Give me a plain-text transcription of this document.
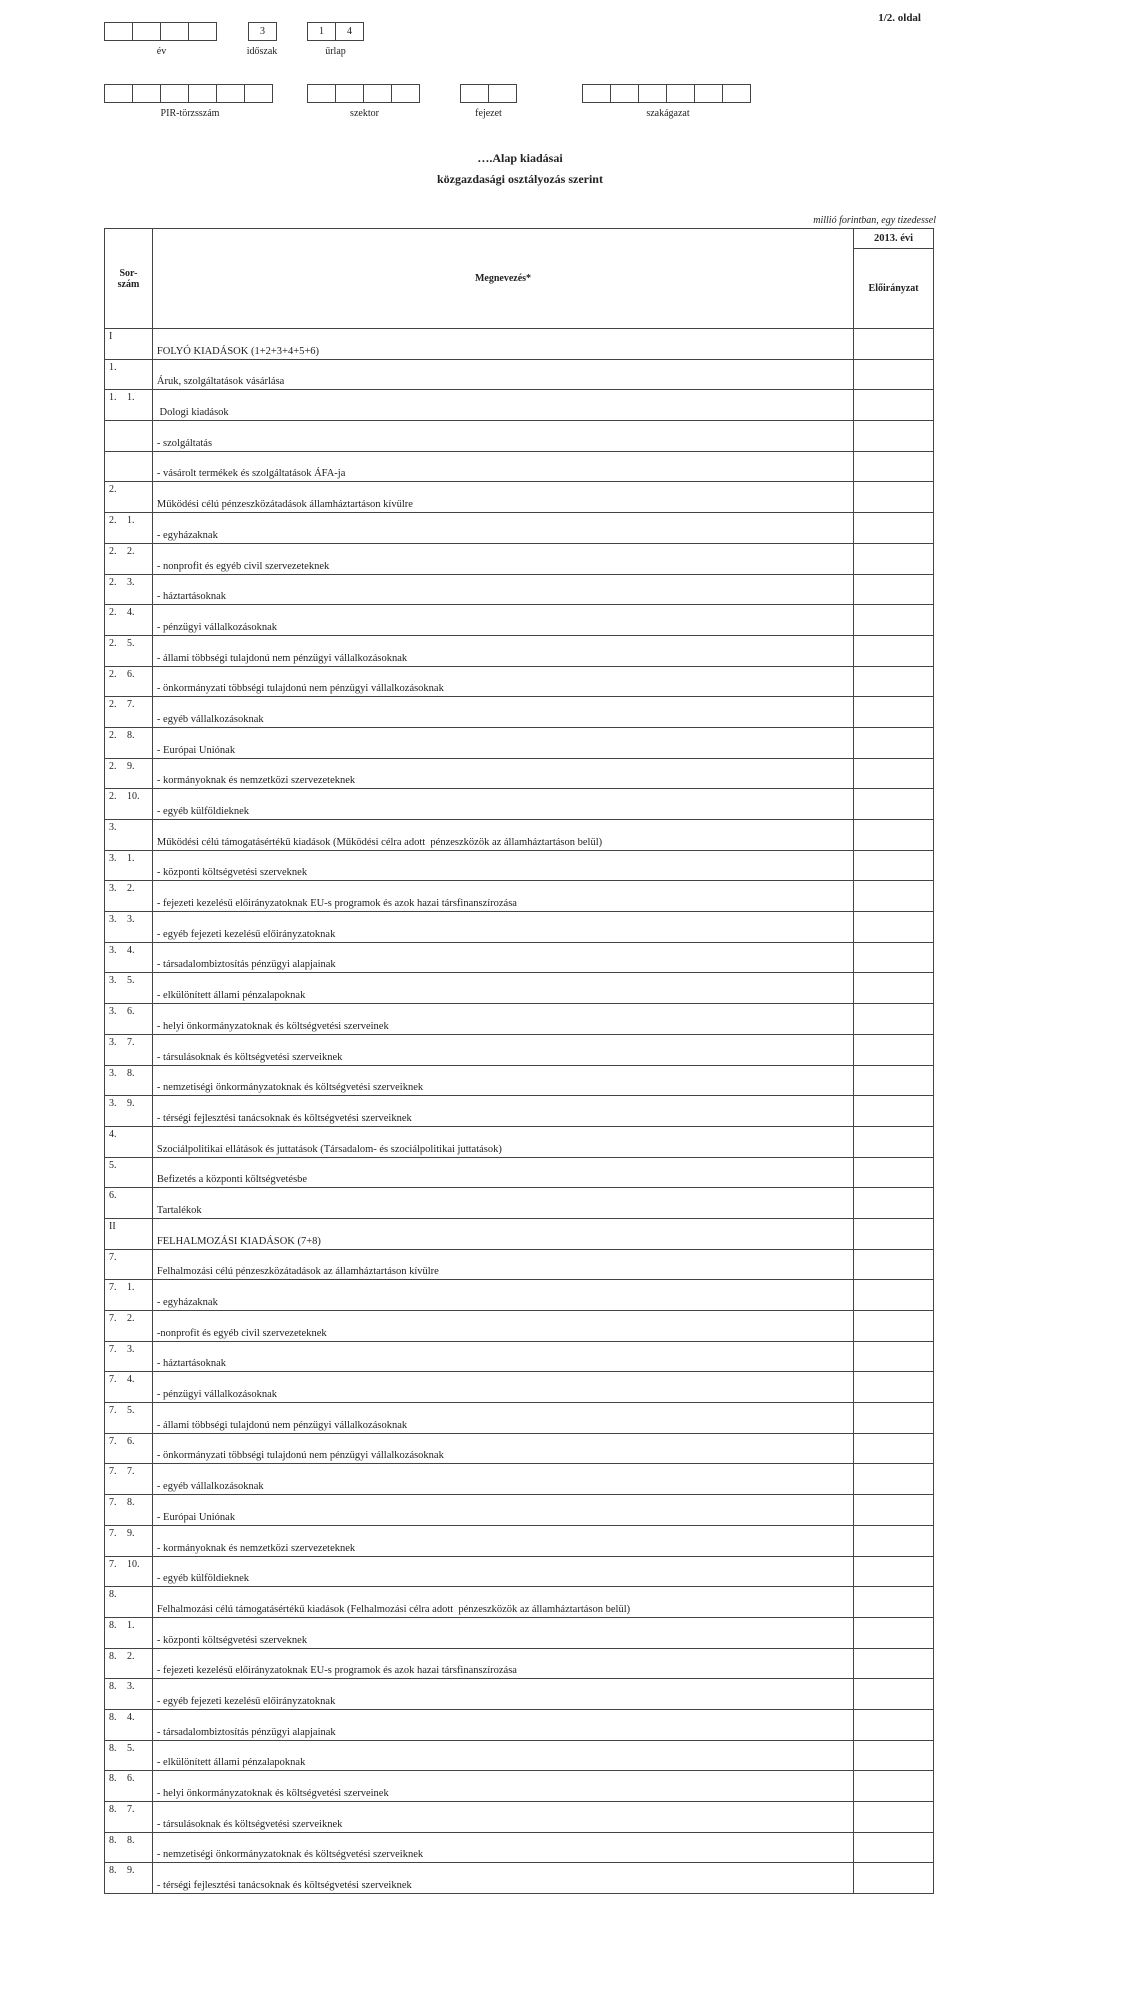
1/2. oldal
év
3
időszak
1	4
űrlap
PIR-törzsszám	szektor	fejezet	szakágazat
….Alap kiadásai
közgazdasági osztályozás szerint
millió forintban, egy tizedessel
Sor-
szám	Megnevezés*	2013. évi
		Előirányzat
I	FOLYÓ KIADÁSOK (1+2+3+4+5+6)	
1.	Áruk, szolgáltatások vásárlása	
1. 1.	Dologi kiadások	
	- szolgáltatás	
	- vásárolt termékek és szolgáltatások ÁFA-ja	
2.	Működési célú pénzeszközátadások államháztartáson kívülre	
2. 1.	- egyházaknak	
2. 2.	- nonprofit és egyéb civil szervezeteknek	
2. 3.	- háztartásoknak	
2. 4.	- pénzügyi vállalkozásoknak	
2. 5.	- állami többségi tulajdonú nem pénzügyi vállalkozásoknak	
2. 6.	- önkormányzati többségi tulajdonú nem pénzügyi vállalkozásoknak	
2. 7.	- egyéb vállalkozásoknak	
2. 8.	- Európai Uniónak	
2. 9.	- kormányoknak és nemzetközi szervezeteknek	
2. 10.	- egyéb külföldieknek	
3.	Működési célú támogatásértékű kiadások (Működési célra adott  pénzeszközök az államháztartáson belül)	
3. 1.	- központi költségvetési szerveknek	
3. 2.	- fejezeti kezelésű előirányzatoknak EU-s programok és azok hazai társfinanszírozása	
3. 3.	- egyéb fejezeti kezelésű előirányzatoknak	
3. 4.	- társadalombiztosítás pénzügyi alapjainak	
3. 5.	- elkülönített állami pénzalapoknak	
3. 6.	- helyi önkormányzatoknak és költségvetési szerveinek	
3. 7.	- társulásoknak és költségvetési szerveiknek	
3. 8.	- nemzetiségi önkormányzatoknak és költségvetési szerveiknek	
3. 9.	- térségi fejlesztési tanácsoknak és költségvetési szerveiknek	
4.	Szociálpolitikai ellátások és juttatások (Társadalom- és szociálpolitikai juttatások)	
5.	Befizetés a központi költségvetésbe	
6.	Tartalékok	
II	FELHALMOZÁSI KIADÁSOK (7+8)	
7.	Felhalmozási célú pénzeszközátadások az államháztartáson kívülre	
7. 1.	- egyházaknak	
7. 2.	-nonprofit és egyéb civil szervezeteknek	
7. 3.	- háztartásoknak	
7. 4.	- pénzügyi vállalkozásoknak	
7. 5.	- állami többségi tulajdonú nem pénzügyi vállalkozásoknak	
7. 6.	- önkormányzati többségi tulajdonú nem pénzügyi vállalkozásoknak	
7. 7.	- egyéb vállalkozásoknak	
7. 8.	- Európai Uniónak	
7. 9.	- kormányoknak és nemzetközi szervezeteknek	
7. 10.	- egyéb külföldieknek	
8.	Felhalmozási célú támogatásértékű kiadások (Felhalmozási célra adott  pénzeszközök az államháztartáson belül)	
8. 1.	- központi költségvetési szerveknek	
8. 2.	- fejezeti kezelésű előirányzatoknak EU-s programok és azok hazai társfinanszírozása	
8. 3.	- egyéb fejezeti kezelésű előirányzatoknak	
8. 4.	- társadalombiztosítás pénzügyi alapjainak	
8. 5.	- elkülönített állami pénzalapoknak	
8. 6.	- helyi önkormányzatoknak és költségvetési szerveinek	
8. 7.	- társulásoknak és költségvetési szerveiknek	
8. 8.	- nemzetiségi önkormányzatoknak és költségvetési szerveiknek	
8. 9.	- térségi fejlesztési tanácsoknak és költségvetési szerveiknek	
